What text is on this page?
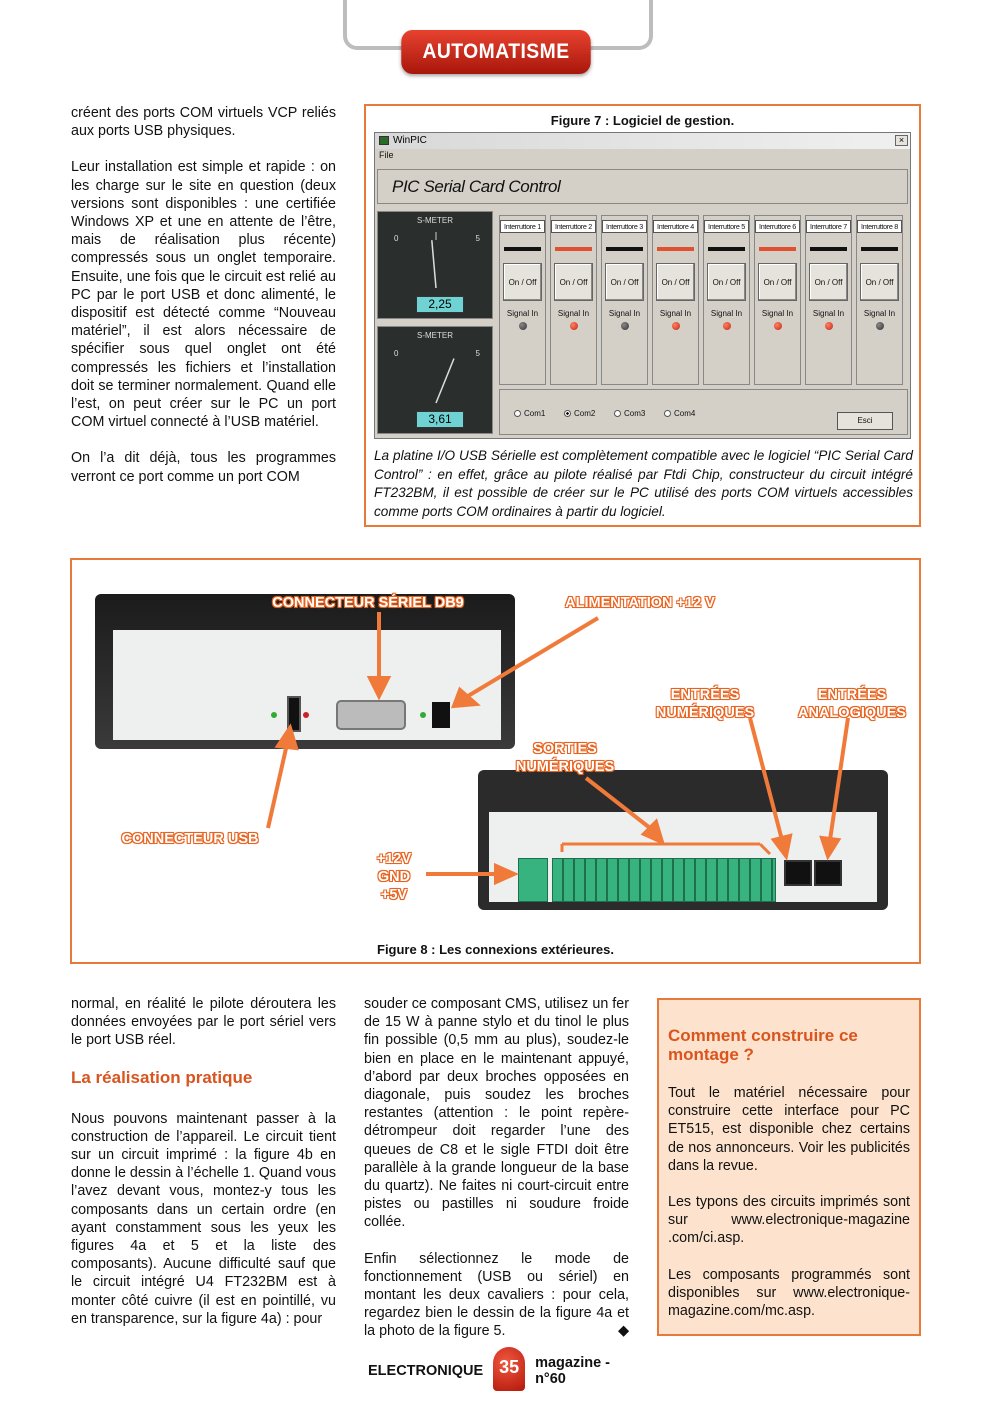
AUTOMATISME

créent des ports COM virtuels VCP reliés aux ports USB physiques.

Leur installation est simple et rapide : on les charge sur le site en question (deux versions sont disponibles : une certifiée Windows XP et une en attente de l’être, mais de réalisation plus récente) compressés sous un onglet temporaire. Ensuite, une fois que le circuit est relié au PC par le port USB et donc alimenté, le dispositif est détecté comme “Nouveau matériel”, il est alors nécessaire de spécifier sous quel onglet ont été compressés les fichiers et l’installation doit se terminer normalement. Quand elle l’est, on peut créer sur le PC un port COM virtuel connecté à l’USB matériel.

On l’a dit déjà, tous les programmes verront ce port comme un port COM

Figure 7 : Logiciel de gestion.
WinPIC	×
File
PIC Serial Card Control
S-METER
0	5
2,25
S-METER
0	5
3,61
Interruttore 1
On / Off
Signal In
Interruttore 2
On / Off
Signal In
Interruttore 3
On / Off
Signal In
Interruttore 4
On / Off
Signal In
Interruttore 5
On / Off
Signal In
Interruttore 6
On / Off
Signal In
Interruttore 7
On / Off
Signal In
Interruttore 8
On / Off
Signal In
Com1	Com2	Com3	Com4
Esci
La platine I/O USB Sérielle est complètement compatible avec le logiciel “PIC Serial Card Control” : en effet, grâce au pilote réalisé par Ftdi Chip, constructeur du circuit intégré FT232BM, il est possible de créer sur le PC utilisé des ports COM virtuels accessibles comme ports COM ordinaires à partir du logiciel.
CONNECTEUR SÉRIEL DB9	ALIMENTATION +12 V
ENTRÉES
NUMÉRIQUES
ENTRÉES
ANALOGIQUES
SORTIES
NUMÉRIQUES
CONNECTEUR USB
+12V
GND
+5V
Figure 8 : Les connexions extérieures.

normal, en réalité le pilote déroutera les données envoyées par le port sériel vers le port USB réel.

La réalisation pratique

Nous pouvons maintenant passer à la construction de l’appareil. Le circuit tient sur un circuit imprimé : la figure 4b en donne le dessin à l’échelle 1. Quand vous l’avez devant vous, montez-y tous les composants dans un certain ordre (en ayant constamment sous les yeux les figures 4a et 5 et la liste des composants). Aucune difficulté sauf que le circuit intégré U4 FT232BM est à monter côté cuivre (il est en pointillé, vu en transparence, sur la figure 4a) : pour

souder ce composant CMS, utilisez un fer de 15 W à panne stylo et du tinol le plus fin possible (0,5 mm au plus), soudez-le bien en place en le maintenant appuyé, d’abord par deux broches opposées en diagonale, puis soudez les broches restantes (attention : le point repère-détrompeur doit regarder l’une des queues de C8 et le sigle FTDI doit être parallèle à la grande longueur de la base du quartz). Ne faites ni court-circuit entre pistes ou pastilles ni soudure froide collée.

Enfin sélectionnez le mode de fonctionnement (USB ou sériel) en montant les deux cavaliers : pour cela, regardez bien le dessin de la figure 4a et la photo de la figure 5.	◆

Comment construire ce montage ?

Tout le matériel nécessaire pour construire cette interface pour PC ET515, est disponible chez certains de nos annonceurs. Voir les publicités dans la revue.

Les typons des circuits imprimés sont sur www.electronique-magazine .com/ci.asp.

Les composants programmés sont disponibles sur www.electronique-magazine.com/mc.asp.

ELECTRONIQUE 35	magazine - n°60
